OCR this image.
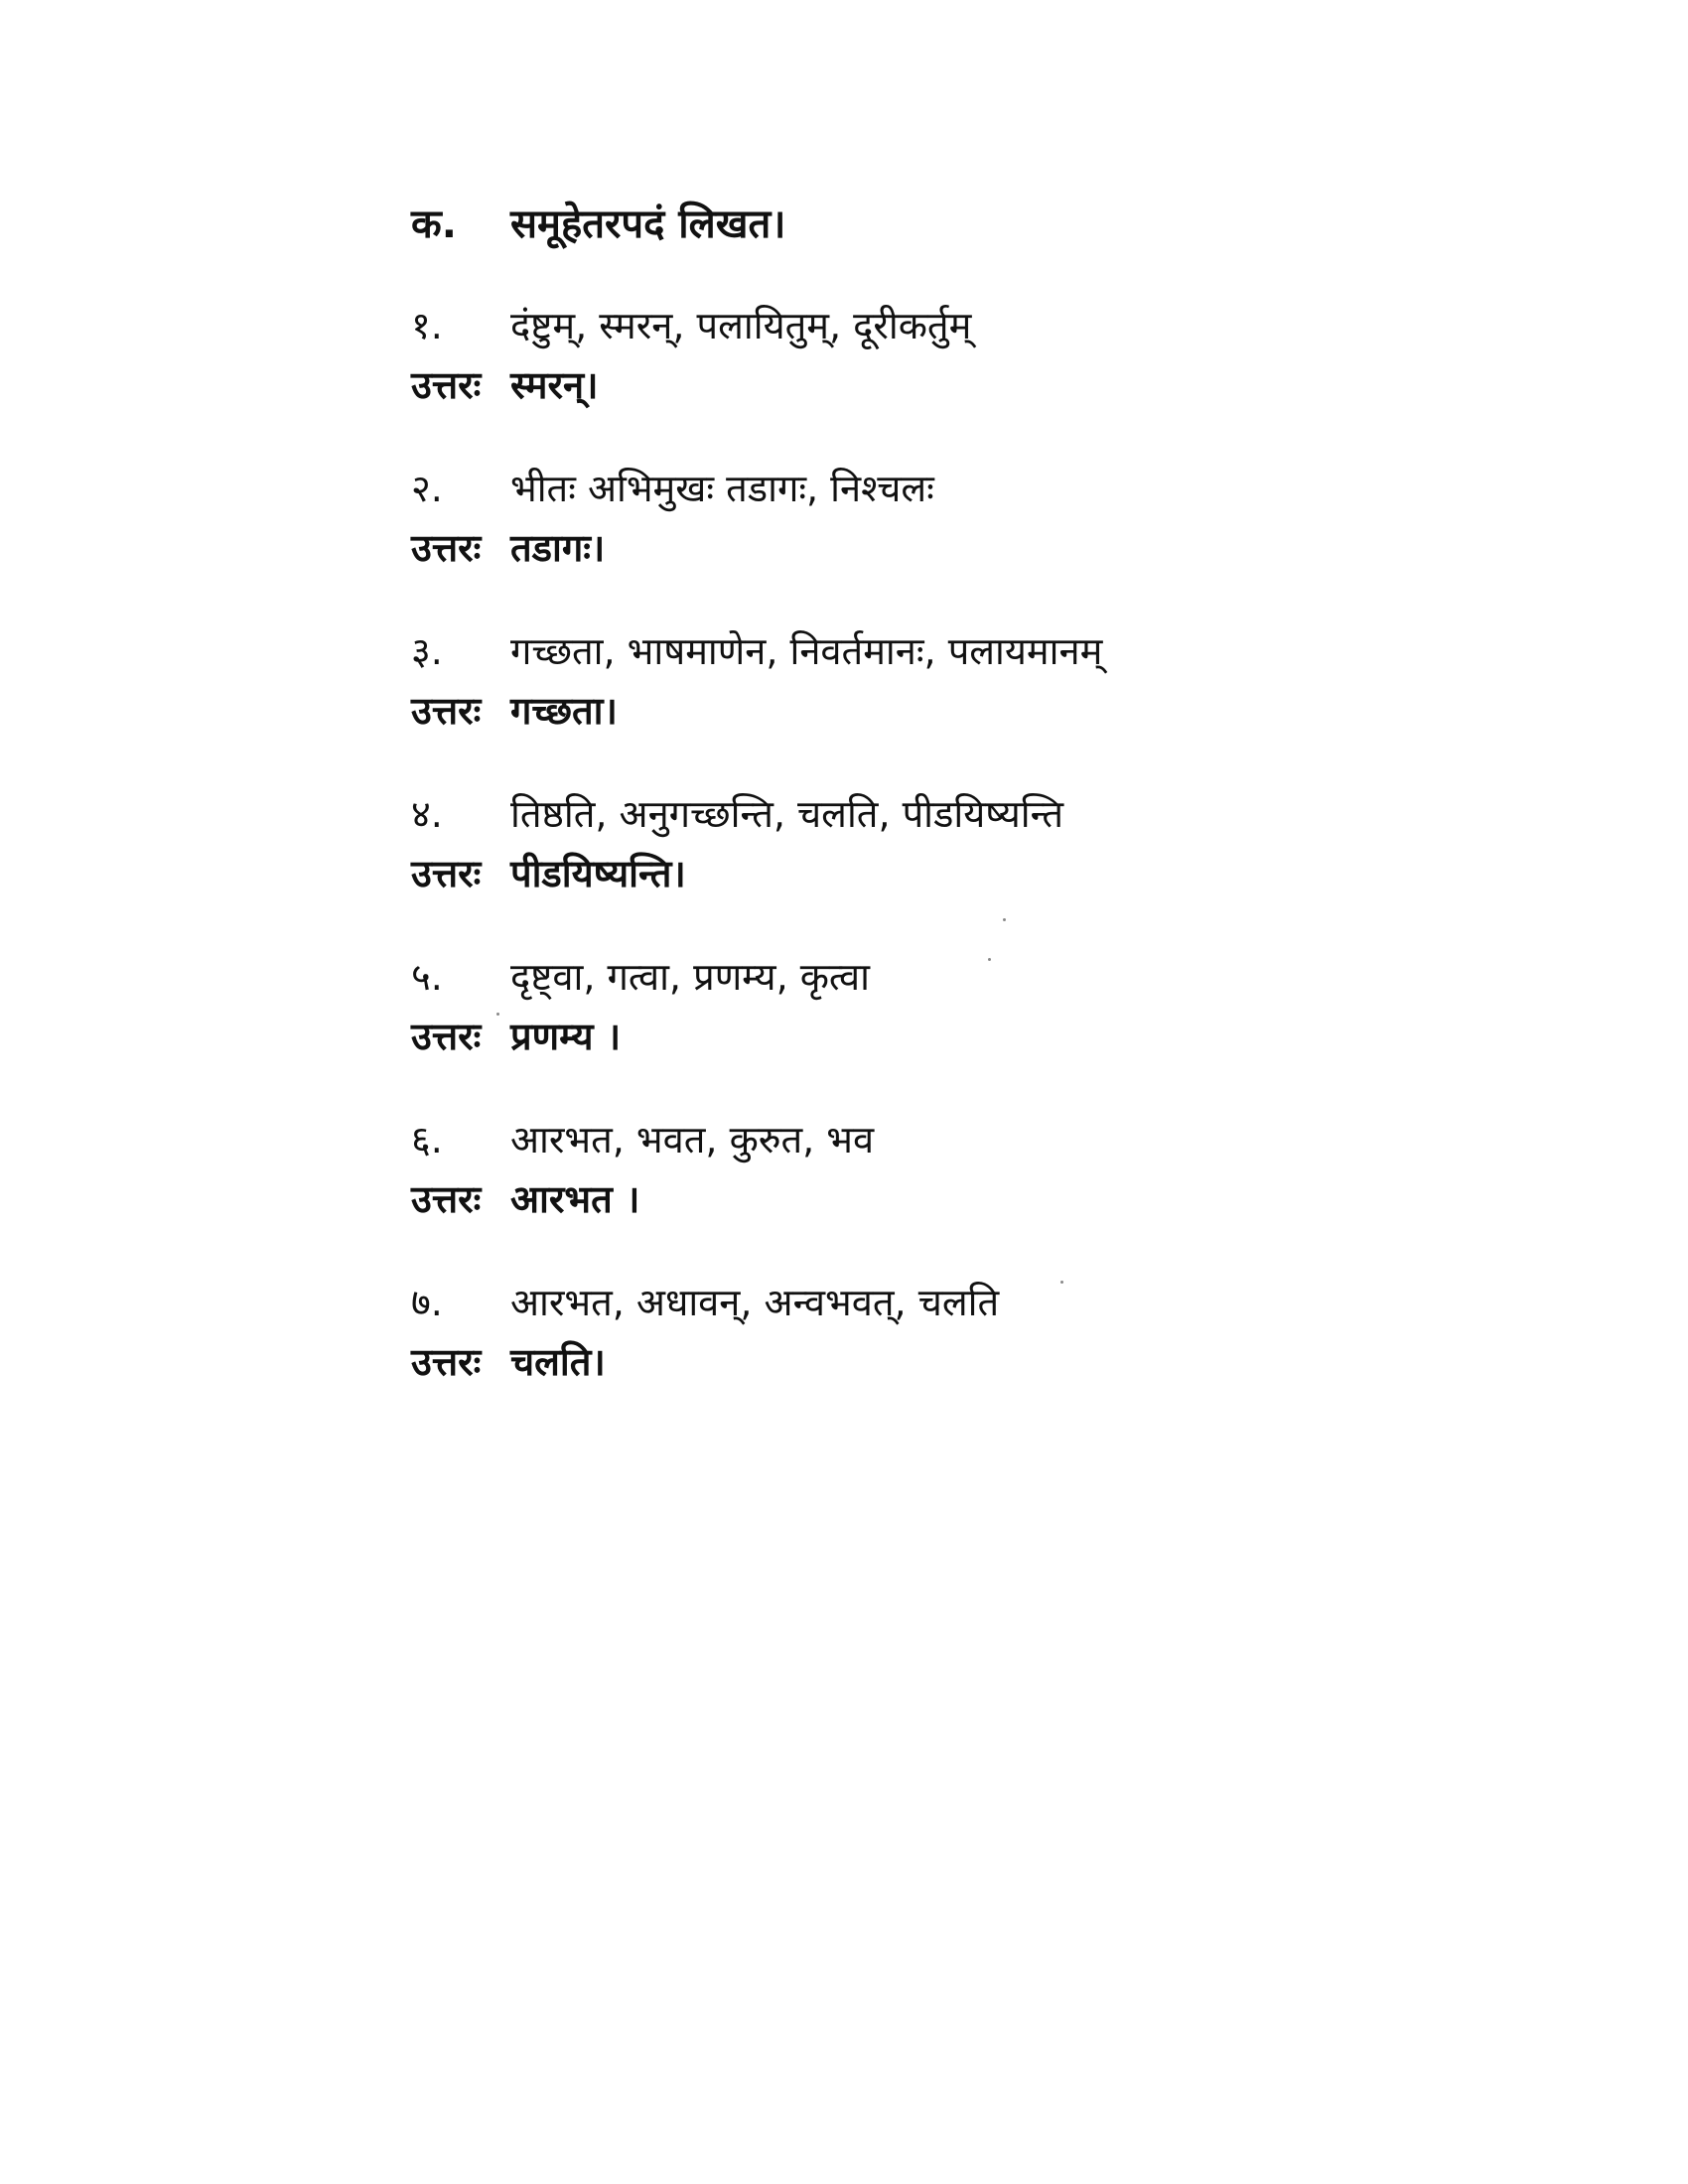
क.	समूहेतरपदं लिखत।
१.	दंष्टुम्, स्मरन्, पलायितुम्, दूरीकर्तुम्
उत्तरः स्मरन्।
२.	भीतः अभिमुखः तडागः, निश्चलः
उत्तरः तडागः।
३.	गच्छता, भाषमाणेन, निवर्तमानः, पलायमानम्
उत्तरः गच्छता।
४.	तिष्ठति, अनुगच्छन्ति, चलति, पीडयिष्यन्ति
उत्तरः पीडयिष्यन्ति।
५.	दृष्ट्वा, गत्वा, प्रणम्य, कृत्वा
उत्तरः प्रणम्य ।
६.	आरभत, भवत, कुरुत, भव
उत्तरः आरभत ।
७.	आरभत, अधावन्, अन्वभवत्, चलति
उत्तरः चलति।
